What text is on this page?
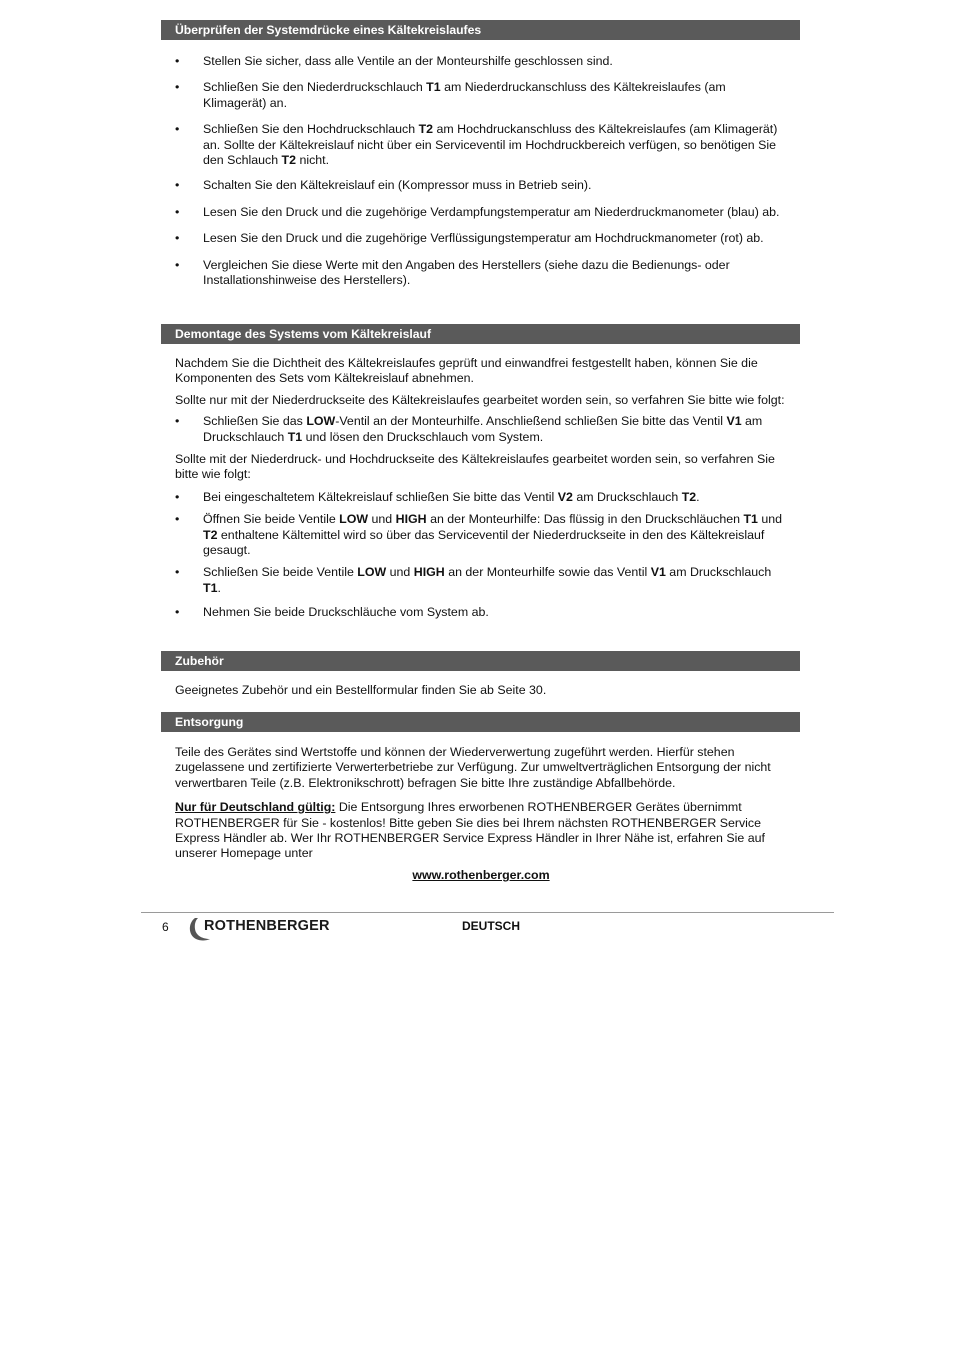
Überprüfen der Systemdrücke eines Kältekreislaufes
•	Stellen Sie sicher, dass alle Ventile an der Monteurshilfe geschlossen sind.
•	Schließen Sie den Niederdruckschlauch T1 am Niederdruckanschluss des Kältekreislaufes (am Klimagerät) an.
•	Schließen Sie den Hochdruckschlauch T2 am Hochdruckanschluss des Kältekreislaufes (am Klimagerät) an. Sollte der Kältekreislauf nicht über ein Serviceventil im Hochdruckbereich verfügen, so benötigen Sie den Schlauch T2 nicht.
•	Schalten Sie den Kältekreislauf ein (Kompressor muss in Betrieb sein).
•	Lesen Sie den Druck und die zugehörige Verdampfungstemperatur am Niederdruckmanometer (blau) ab.
•	Lesen Sie den Druck und die zugehörige Verflüssigungstemperatur am Hochdruckmanometer (rot) ab.
•	Vergleichen Sie diese Werte mit den Angaben des Herstellers (siehe dazu die Bedienungs- oder Installationshinweise des Herstellers).
Demontage des Systems vom Kältekreislauf

Nachdem Sie die Dichtheit des Kältekreislaufes geprüft und einwandfrei festgestellt haben, können Sie die Komponenten des Sets vom Kältekreislauf abnehmen.

Sollte nur mit der Niederdruckseite des Kältekreislaufes gearbeitet worden sein, so verfahren Sie bitte wie folgt:

•	Schließen Sie das LOW-Ventil an der Monteurhilfe. Anschließend schließen Sie bitte das Ventil V1 am Druckschlauch T1 und lösen den Druckschlauch vom System.

Sollte mit der Niederdruck- und Hochdruckseite des Kältekreislaufes gearbeitet worden sein, so verfahren Sie bitte wie folgt:

•	Bei eingeschaltetem Kältekreislauf schließen Sie bitte das Ventil V2 am Druckschlauch T2.
•	Öffnen Sie beide Ventile LOW und HIGH an der Monteurhilfe: Das flüssig in den Druckschläuchen T1 und T2 enthaltene Kältemittel wird so über das Serviceventil der Niederdruckseite in den des Kältekreislauf gesaugt.
•	Schließen Sie beide Ventile LOW und HIGH an der Monteurhilfe sowie das Ventil V1 am Druckschlauch T1.
•	Nehmen Sie beide Druckschläuche vom System ab.
Zubehör

Geeignetes Zubehör und ein Bestellformular finden Sie ab Seite 30.

Entsorgung

Teile des Gerätes sind Wertstoffe und können der Wiederverwertung zugeführt werden. Hierfür stehen zugelassene und zertifizierte Verwerterbetriebe zur Verfügung. Zur umweltverträglichen Entsorgung der nicht verwertbaren Teile (z.B. Elektronikschrott) befragen Sie bitte Ihre zuständige Abfallbehörde.

Nur für Deutschland gültig: Die Entsorgung Ihres erworbenen ROTHENBERGER Gerätes übernimmt ROTHENBERGER für Sie - kostenlos! Bitte geben Sie dies bei Ihrem nächsten ROTHENBERGER Service Express Händler ab. Wer Ihr ROTHENBERGER Service Express Händler in Ihrer Nähe ist, erfahren Sie auf unserer Homepage unter

www.rothenberger.com
6 ROTHENBERGER	DEUTSCH
